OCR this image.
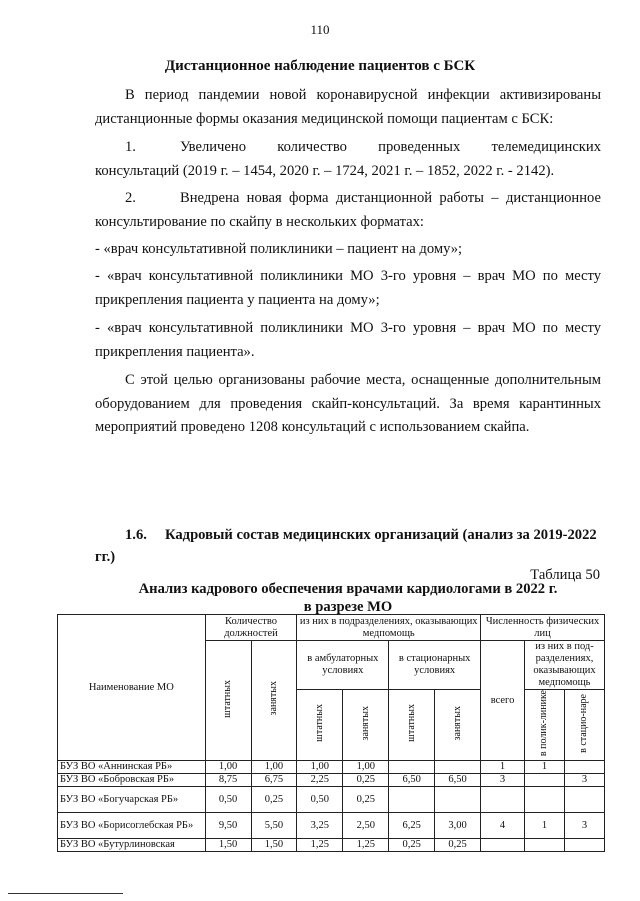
110
Дистанционное наблюдение пациентов с БСК
В период пандемии новой коронавирусной инфекции активизированы дистанционные формы оказания медицинской помощи пациентам с БСК:
1.	Увеличено количество проведенных телемедицинских консультаций (2019 г. – 1454, 2020 г. – 1724, 2021 г. – 1852, 2022 г. - 2142).
2.	Внедрена новая форма дистанционной работы – дистанционное консультирование по скайпу в нескольких форматах:
- «врач консультативной поликлиники – пациент на дому»;
- «врач консультативной поликлиники МО 3-го уровня – врач МО по месту прикрепления пациента у пациента на дому»;
- «врач консультативной поликлиники МО 3-го уровня – врач МО по месту прикрепления пациента».
С этой целью организованы рабочие места, оснащенные дополнительным оборудованием для проведения скайп-консультаций. За время карантинных мероприятий проведено 1208 консультаций с использованием скайпа.
1.6. Кадровый состав медицинских организаций (анализ за 2019-2022 гг.)
Таблица 50
Анализ кадрового обеспечения врачами кардиологами в 2022 г.
в разрезе МО
Наименование МО	Количество должностей		из них в подразделениях, оказывающих медпомощь				Численность физических лиц		
	штатных	занятых	в амбулаторных условиях		в стационарных условиях		всего	из них в под-разделениях, оказывающих медпомощь	
								в полик-линике	в стацио-наре
			штатных	занятых	штатных	занятых			
БУЗ ВО «Аннинская РБ»	1,00	1,00	1,00	1,00			1	1	
БУЗ ВО «Бобровская РБ»	8,75	6,75	2,25	0,25	6,50	6,50	3		3
БУЗ ВО «Богучарская РБ»	0,50	0,25	0,50	0,25					
БУЗ ВО «Борисоглебская РБ»	9,50	5,50	3,25	2,50	6,25	3,00	4	1	3
БУЗ ВО «Бутурлиновская	1,50	1,50	1,25	1,25	0,25	0,25			
